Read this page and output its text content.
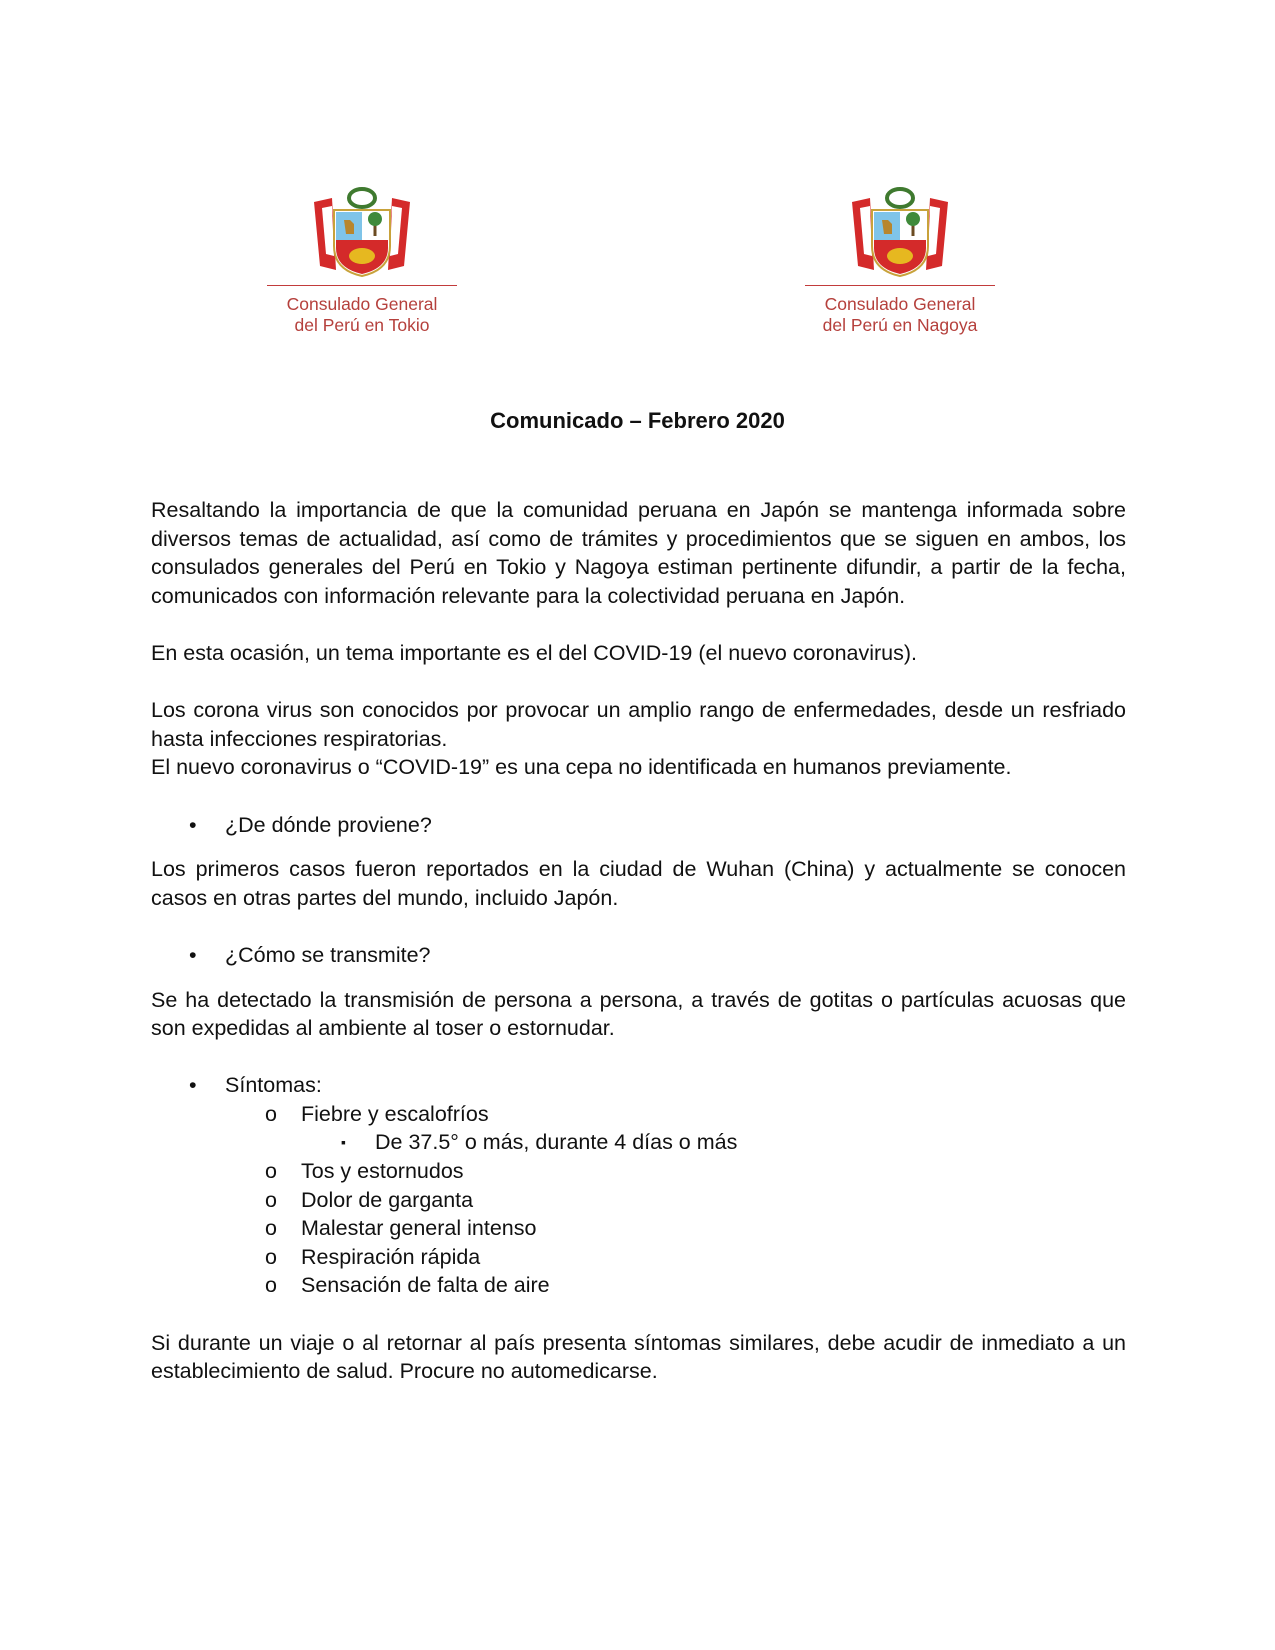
Consulado General
del Perú en Tokio
Consulado General
del Perú en Nagoya
Comunicado – Febrero 2020

Resaltando la importancia de que la comunidad peruana en Japón se mantenga informada sobre diversos temas de actualidad, así como de trámites y procedimientos que se siguen en ambos, los consulados generales del Perú en Tokio y Nagoya estiman pertinente difundir, a partir de la fecha, comunicados con información relevante para la colectividad peruana en Japón.

En esta ocasión, un tema importante es el del COVID-19 (el nuevo coronavirus).

Los corona virus son conocidos por provocar un amplio rango de enfermedades, desde un resfriado hasta infecciones respiratorias.

El nuevo coronavirus o “COVID-19” es una cepa no identificada en humanos previamente.

• ¿De dónde proviene?

Los primeros casos fueron reportados en la ciudad de Wuhan (China) y actualmente se conocen casos en otras partes del mundo, incluido Japón.

• ¿Cómo se transmite?

Se ha detectado la transmisión de persona a persona, a través de gotitas o partículas acuosas que son expedidas al ambiente al toser o estornudar.

• Síntomas:
o Fiebre y escalofríos
▪ De 37.5° o más, durante 4 días o más
o Tos y estornudos
o Dolor de garganta
o Malestar general intenso
o Respiración rápida
o Sensación de falta de aire

Si durante un viaje o al retornar al país presenta síntomas similares, debe acudir de inmediato a un establecimiento de salud. Procure no automedicarse.
